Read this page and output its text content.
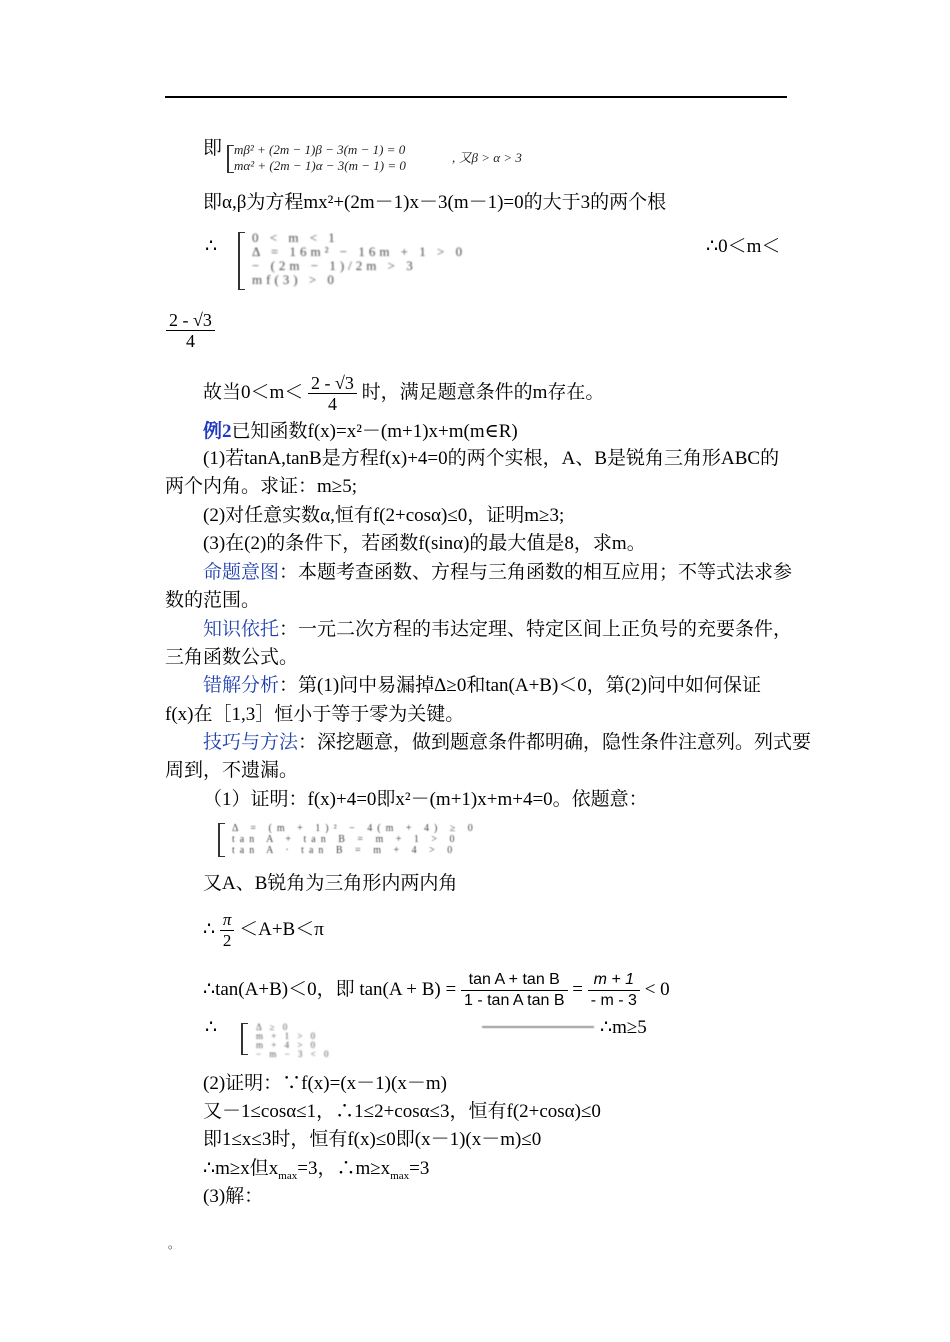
即 mβ² + (2m − 1)β − 3(m − 1) = 0
mα² + (2m − 1)α − 3(m − 1) = 0
, 又β > α > 3
即α,β为方程mx²+(2m－1)x－3(m－1)=0的大于3的两个根
∴	0 < m < 1
Δ = 16m² − 16m + 1 > 0
− (2m − 1)/2m > 3
mf(3) > 0
∴0＜m＜
$\frac{2 - √3}{4}$
故当$0<m< \frac{2 - √3}{4}$ 时，满足题意条件的m存在。
例2已知函数f(x)=x²－(m+1)x+m(m∈R)
(1)若tanA,tanB是方程f(x)+4=0的两个实根，A、B是锐角三角形ABC的
两个内角。求证：m≥5;
(2)对任意实数α,恒有f(2+cosα)≤0，证明m≥3;
(3)在(2)的条件下，若函数f(sinα)的最大值是8，求m。
命题意图：本题考查函数、方程与三角函数的相互应用；不等式法求参
数的范围。
知识依托：一元二次方程的韦达定理、特定区间上正负号的充要条件，
三角函数公式。
错解分析：第(1)问中易漏掉Δ≥0和tan(A+B)＜0，第(2)问中如何保证
f(x)在［1,3］恒小于等于零为关键。
技巧与方法：深挖题意，做到题意条件都明确，隐性条件注意列。列式要
周到，不遗漏。
（1）证明：f(x)+4=0即x²－(m+1)x+m+4=0。依题意：
Δ = (m + 1)² − 4(m + 4) ≥ 0
tan A + tan B = m + 1 > 0
tan A · tan B = m + 4 > 0
又A、B锐角为三角形内两内角
∴ $\frac{\pi}{2} <A+B<\pi$
∴tan(A+B)＜0，即 $\tan(A + B) = \frac{\text{tan A + tan B}}{\text{1 - tan A tan B}} = \frac{m + 1}{- m - 3} < 0$
∴	Δ ≥ 0
m + 1 > 0
m + 4 > 0
− m − 3 < 0
∴m≥5
(2)证明：∵f(x)=(x－1)(x－m)
又－1≤cosα≤1，∴1≤2+cosα≤3，恒有f(2+cosα)≤0
即1≤x≤3时，恒有f(x)≤0即(x－1)(x－m)≤0
∴m≥x但$x_{max}=3$，$\therefore m\ge x_{max}=3$
(3)解：
。
